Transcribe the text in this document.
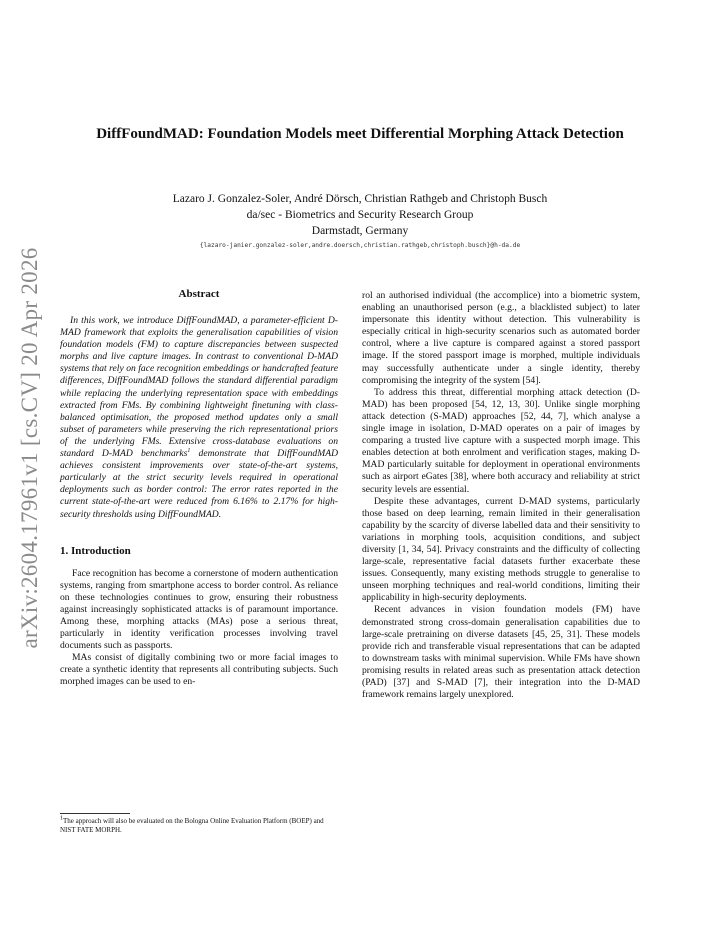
arXiv:2604.17961v1 [cs.CV] 20 Apr 2026
DiffFoundMAD: Foundation Models meet Differential Morphing Attack Detection
Lazaro J. Gonzalez-Soler, André Dörsch, Christian Rathgeb and Christoph Busch
da/sec - Biometrics and Security Research Group
Darmstadt, Germany
{lazaro-janier.gonzalez-soler,andre.doersch,christian.rathgeb,christoph.busch}@h-da.de
Abstract

In this work, we introduce DiffFoundMAD, a parameter-efficient D-MAD framework that exploits the generalisation capabilities of vision foundation models (FM) to capture discrepancies between suspected morphs and live capture images. In contrast to conventional D-MAD systems that rely on face recognition embeddings or handcrafted feature differences, DiffFoundMAD follows the standard differential paradigm while replacing the underlying representation space with embeddings extracted from FMs. By combining lightweight finetuning with class-balanced optimisation, the proposed method updates only a small subset of parameters while preserving the rich representational priors of the underlying FMs. Extensive cross-database evaluations on standard D-MAD benchmarks$^1$ demonstrate that DiffFoundMAD achieves consistent improvements over state-of-the-art systems, particularly at the strict security levels required in operational deployments such as border control: The error rates reported in the current state-of-the-art were reduced from 6.16% to 2.17% for high-security thresholds using DiffFoundMAD.

1. Introduction

Face recognition has become a cornerstone of modern authentication systems, ranging from smartphone access to border control. As reliance on these technologies continues to grow, ensuring their robustness against increasingly sophisticated attacks is of paramount importance. Among these, morphing attacks (MAs) pose a serious threat, particularly in identity verification processes involving travel documents such as passports.

MAs consist of digitally combining two or more facial images to create a synthetic identity that represents all contributing subjects. Such morphed images can be used to en-

rol an authorised individual (the accomplice) into a biometric system, enabling an unauthorised person (e.g., a blacklisted subject) to later impersonate this identity without detection. This vulnerability is especially critical in high-security scenarios such as automated border control, where a live capture is compared against a stored passport image. If the stored passport image is morphed, multiple individuals may successfully authenticate under a single identity, thereby compromising the integrity of the system [54].

To address this threat, differential morphing attack detection (D-MAD) has been proposed [54, 12, 13, 30]. Unlike single morphing attack detection (S-MAD) approaches [52, 44, 7], which analyse a single image in isolation, D-MAD operates on a pair of images by comparing a trusted live capture with a suspected morph image. This enables detection at both enrolment and verification stages, making D-MAD particularly suitable for deployment in operational environments such as airport eGates [38], where both accuracy and reliability at strict security levels are essential.

Despite these advantages, current D-MAD systems, particularly those based on deep learning, remain limited in their generalisation capability by the scarcity of diverse labelled data and their sensitivity to variations in morphing tools, acquisition conditions, and subject diversity [1, 34, 54]. Privacy constraints and the difficulty of collecting large-scale, representative facial datasets further exacerbate these issues. Consequently, many existing methods struggle to generalise to unseen morphing techniques and real-world conditions, limiting their applicability in high-security deployments.

Recent advances in vision foundation models (FM) have demonstrated strong cross-domain generalisation capabilities due to large-scale pretraining on diverse datasets [45, 25, 31]. These models provide rich and transferable visual representations that can be adapted to downstream tasks with minimal supervision. While FMs have shown promising results in related areas such as presentation attack detection (PAD) [37] and S-MAD [7], their integration into the D-MAD framework remains largely unexplored.

$^1$The approach will also be evaluated on the Bologna Online Evaluation Platform (BOEP) and NIST FATE MORPH.
